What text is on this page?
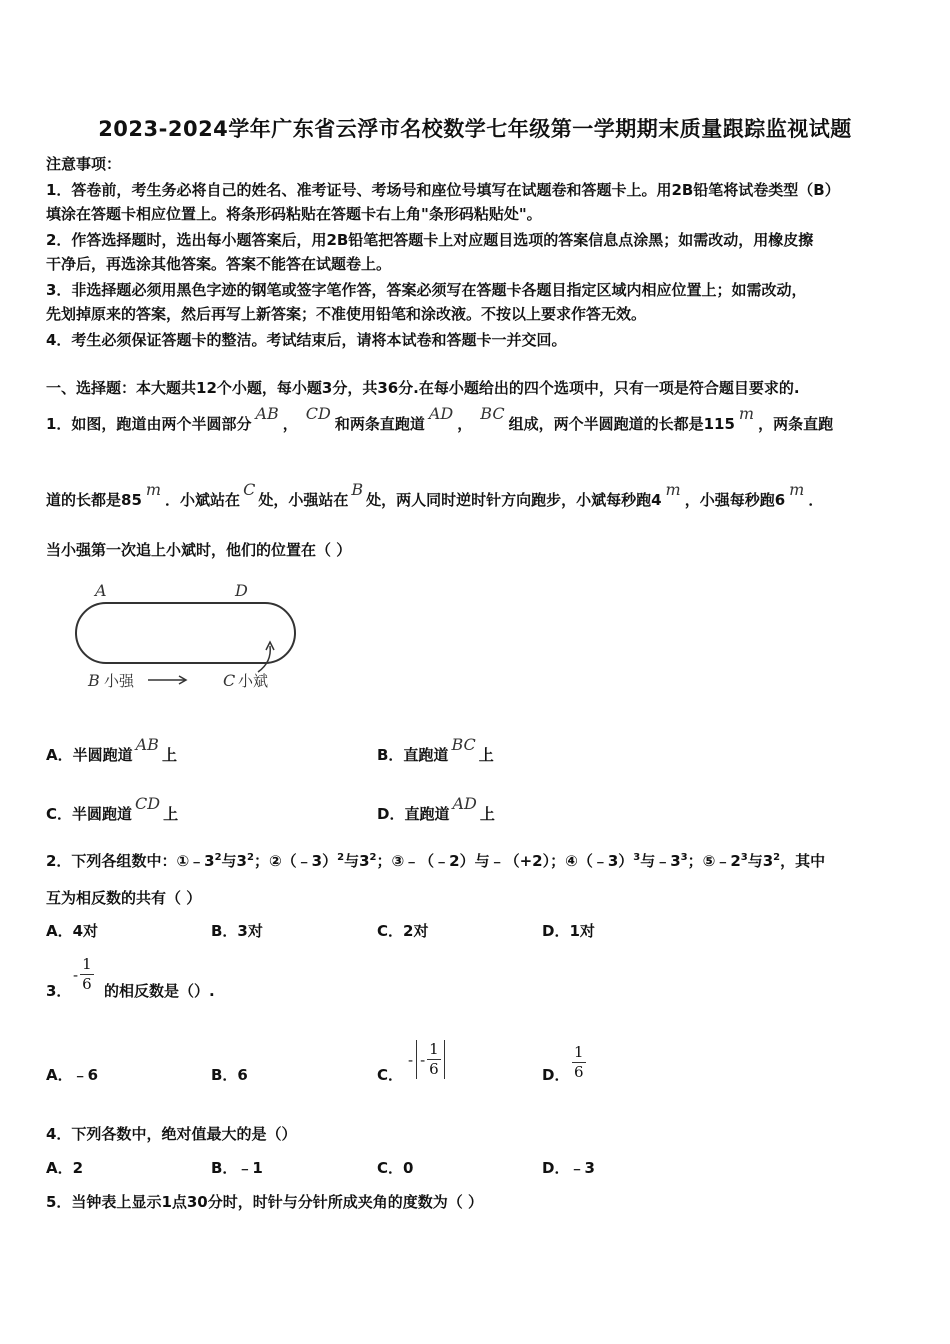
2023-2024学年广东省云浮市名校数学七年级第一学期期末质量跟踪监视试题
注意事项：
1．答卷前，考生务必将自己的姓名、准考证号、考场号和座位号填写在试题卷和答题卡上。用2B铅笔将试卷类型（B）
填涂在答题卡相应位置上。将条形码粘贴在答题卡右上角"条形码粘贴处"。
2．作答选择题时，选出每小题答案后，用2B铅笔把答题卡上对应题目选项的答案信息点涂黑；如需改动，用橡皮擦
干净后，再选涂其他答案。答案不能答在试题卷上。
3．非选择题必须用黑色字迹的钢笔或签字笔作答，答案必须写在答题卡各题目指定区域内相应位置上；如需改动，
先划掉原来的答案，然后再写上新答案；不准使用铅笔和涂改液。不按以上要求作答无效。
4．考生必须保证答题卡的整洁。考试结束后，请将本试卷和答题卡一并交回。
一、选择题：本大题共12个小题，每小题3分，共36分.在每小题给出的四个选项中，只有一项是符合题目要求的.
1．如图，跑道由两个半圆部分AB，CD和两条直跑道AD，BC组成，两个半圆跑道的长都是115m，两条直跑
道的长都是85m．小斌站在C处，小强站在B处，两人同时逆时针方向跑步，小斌每秒跑4m，小强每秒跑6m．
当小强第一次追上小斌时，他们的位置在（ ）
A	D
B 小强	C 小斌
A．半圆跑道AB上	B．直跑道BC上
C．半圆跑道CD上	D．直跑道AD上
2．下列各组数中：$①﹣3^2$与$3^2$；②（﹣3）$^2$与$3^2$；③﹣（﹣2）与﹣（+2）；④（﹣3）$^3$与$﹣3^3$；$⑤﹣2^3$与$3^2$，其中
互为相反数的共有（ ）
A．4对	B．3对	C．2对	D．1对
3．
- $\frac{1}{6}$ 的相反数是（）.
A．﹣6	B．6	C．
- - $\frac{1}{6}$	D． $\frac{1}{6}$
4．下列各数中，绝对值最大的是（）
A．2	B．﹣1	C．0	D．﹣3
5．当钟表上显示1点30分时，时针与分针所成夹角的度数为（ ）
